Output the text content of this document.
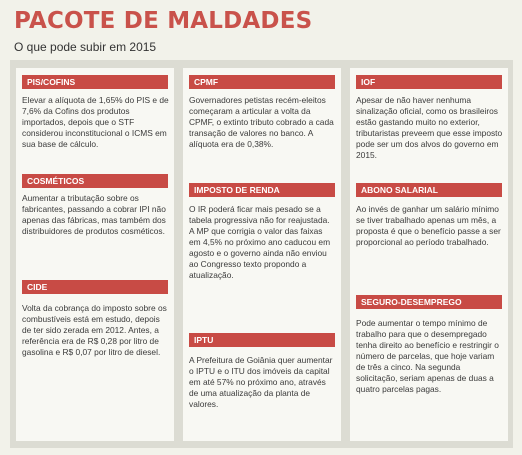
PACOTE DE MALDADES
O que pode subir em 2015
PIS/COFINS
Elevar a alíquota de 1,65% do PIS e de 7,6% da Cofins dos produtos importados, depois que o STF considerou inconstitucional o ICMS em sua base de cálculo.
COSMÉTICOS
Aumentar a tributação sobre os fabricantes, passando a cobrar IPI não apenas das fábricas, mas também dos distribuidores de produtos cosméticos.
CIDE
Volta da cobrança do imposto sobre os combustíveis está em estudo, depois de ter sido zerada em 2012. Antes, a referência era de R$ 0,28 por litro de gasolina e R$ 0,07 por litro de diesel.
CPMF
Governadores petistas recém-eleitos começaram a articular a volta da CPMF, o extinto tributo cobrado a cada transação de valores no banco. A alíquota era de 0,38%.
IMPOSTO DE RENDA
O IR poderá ficar mais pesado se a tabela progressiva não for reajustada. A MP que corrigia o valor das faixas em 4,5% no próximo ano caducou em agosto e o governo ainda não enviou ao Congresso texto propondo a atualização.
IPTU
A Prefeitura de Goiânia quer aumentar o IPTU e o ITU dos imóveis da capital em até 57% no próximo ano, através de uma atualização da planta de valores.
IOF
Apesar de não haver nenhuma sinalização oficial, como os brasileiros estão gastando muito no exterior, tributaristas preveem que esse imposto pode ser um dos alvos do governo em 2015.
ABONO SALARIAL
Ao invés de ganhar um salário mínimo se tiver trabalhado apenas um mês, a proposta é que o benefício passe a ser proporcional ao período trabalhado.
SEGURO-DESEMPREGO
Pode aumentar o tempo mínimo de trabalho para que o desempregado tenha direito ao benefício e restringir o número de parcelas, que hoje variam de três a cinco. Na segunda solicitação, seriam apenas de duas a quatro parcelas pagas.
